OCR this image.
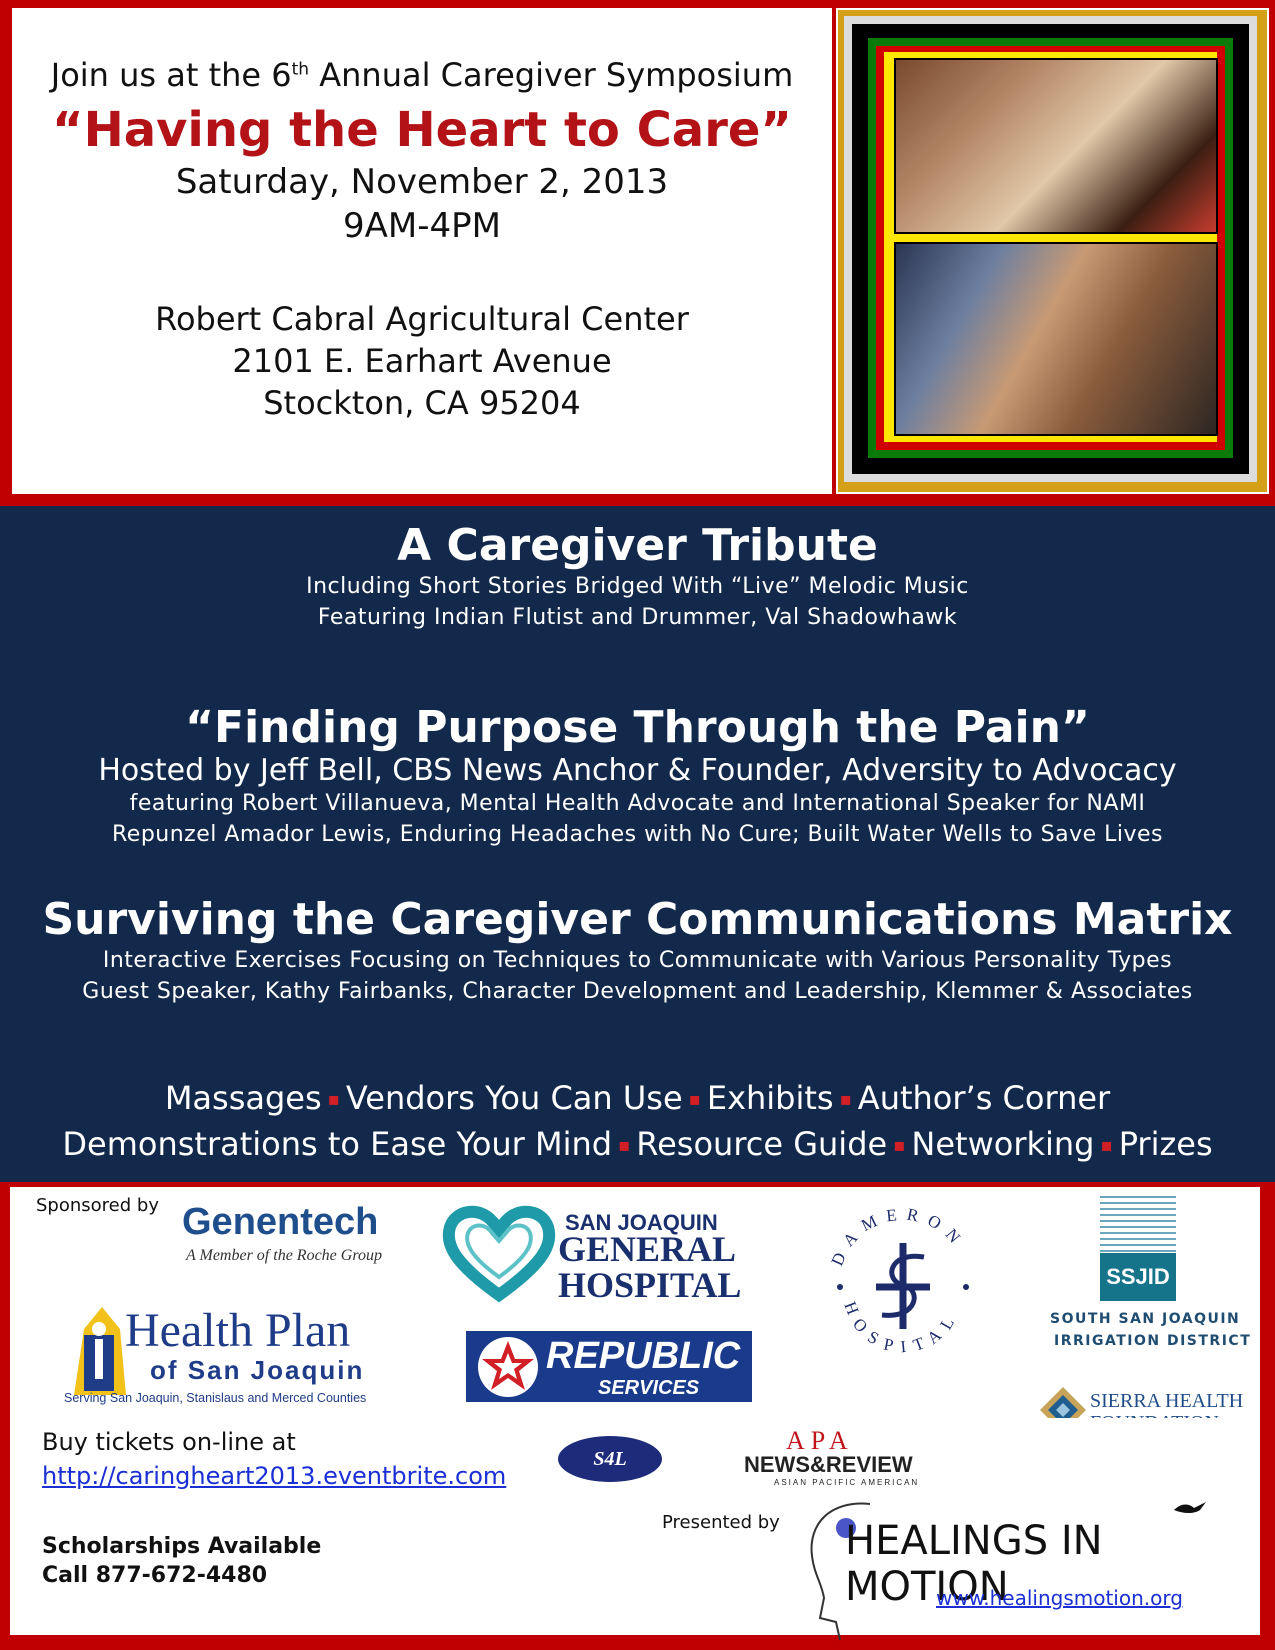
Join us at the 6th Annual Caregiver Symposium
“Having the Heart to Care”
Saturday, November 2, 2013
9AM-4PM
Robert Cabral Agricultural Center
2101 E. Earhart Avenue
Stockton, CA 95204
A Caregiver Tribute
Including Short Stories Bridged With “Live” Melodic Music
Featuring Indian Flutist and Drummer, Val Shadowhawk
“Finding Purpose Through the Pain”
Hosted by Jeff Bell, CBS News Anchor & Founder, Adversity to Advocacy
featuring Robert Villanueva, Mental Health Advocate and International Speaker for NAMI
Repunzel Amador Lewis, Enduring Headaches with No Cure; Built Water Wells to Save Lives
Surviving the Caregiver Communications Matrix
Interactive Exercises Focusing on Techniques to Communicate with Various Personality Types
Guest Speaker, Kathy Fairbanks, Character Development and Leadership, Klemmer & Associates
Massages ▪ Vendors You Can Use ▪ Exhibits ▪ Author’s Corner
Demonstrations to Ease Your Mind ▪ Resource Guide ▪ Networking ▪ Prizes
Sponsored by Genentech
A Member of the Roche Group
SAN JOAQUIN
GENERAL
HOSPITAL
DAMERON
HOSPITAL
SSJID
SOUTH SAN JOAQUIN
IRRIGATION DISTRICT
Health Plan
of San Joaquin
Serving San Joaquin, Stanislaus and Merced Counties
REPUBLIC
SERVICES
SIERRA HEALTH
Buy tickets on-line at
http://caringheart2013.eventbrite.com
Scholarships Available
Call 877-672-4480
S4L
APA
NEWS&REVIEW
ASIAN PACIFIC AMERICAN
Presented by HEALINGS IN MOTION
www.healingsmotion.org
